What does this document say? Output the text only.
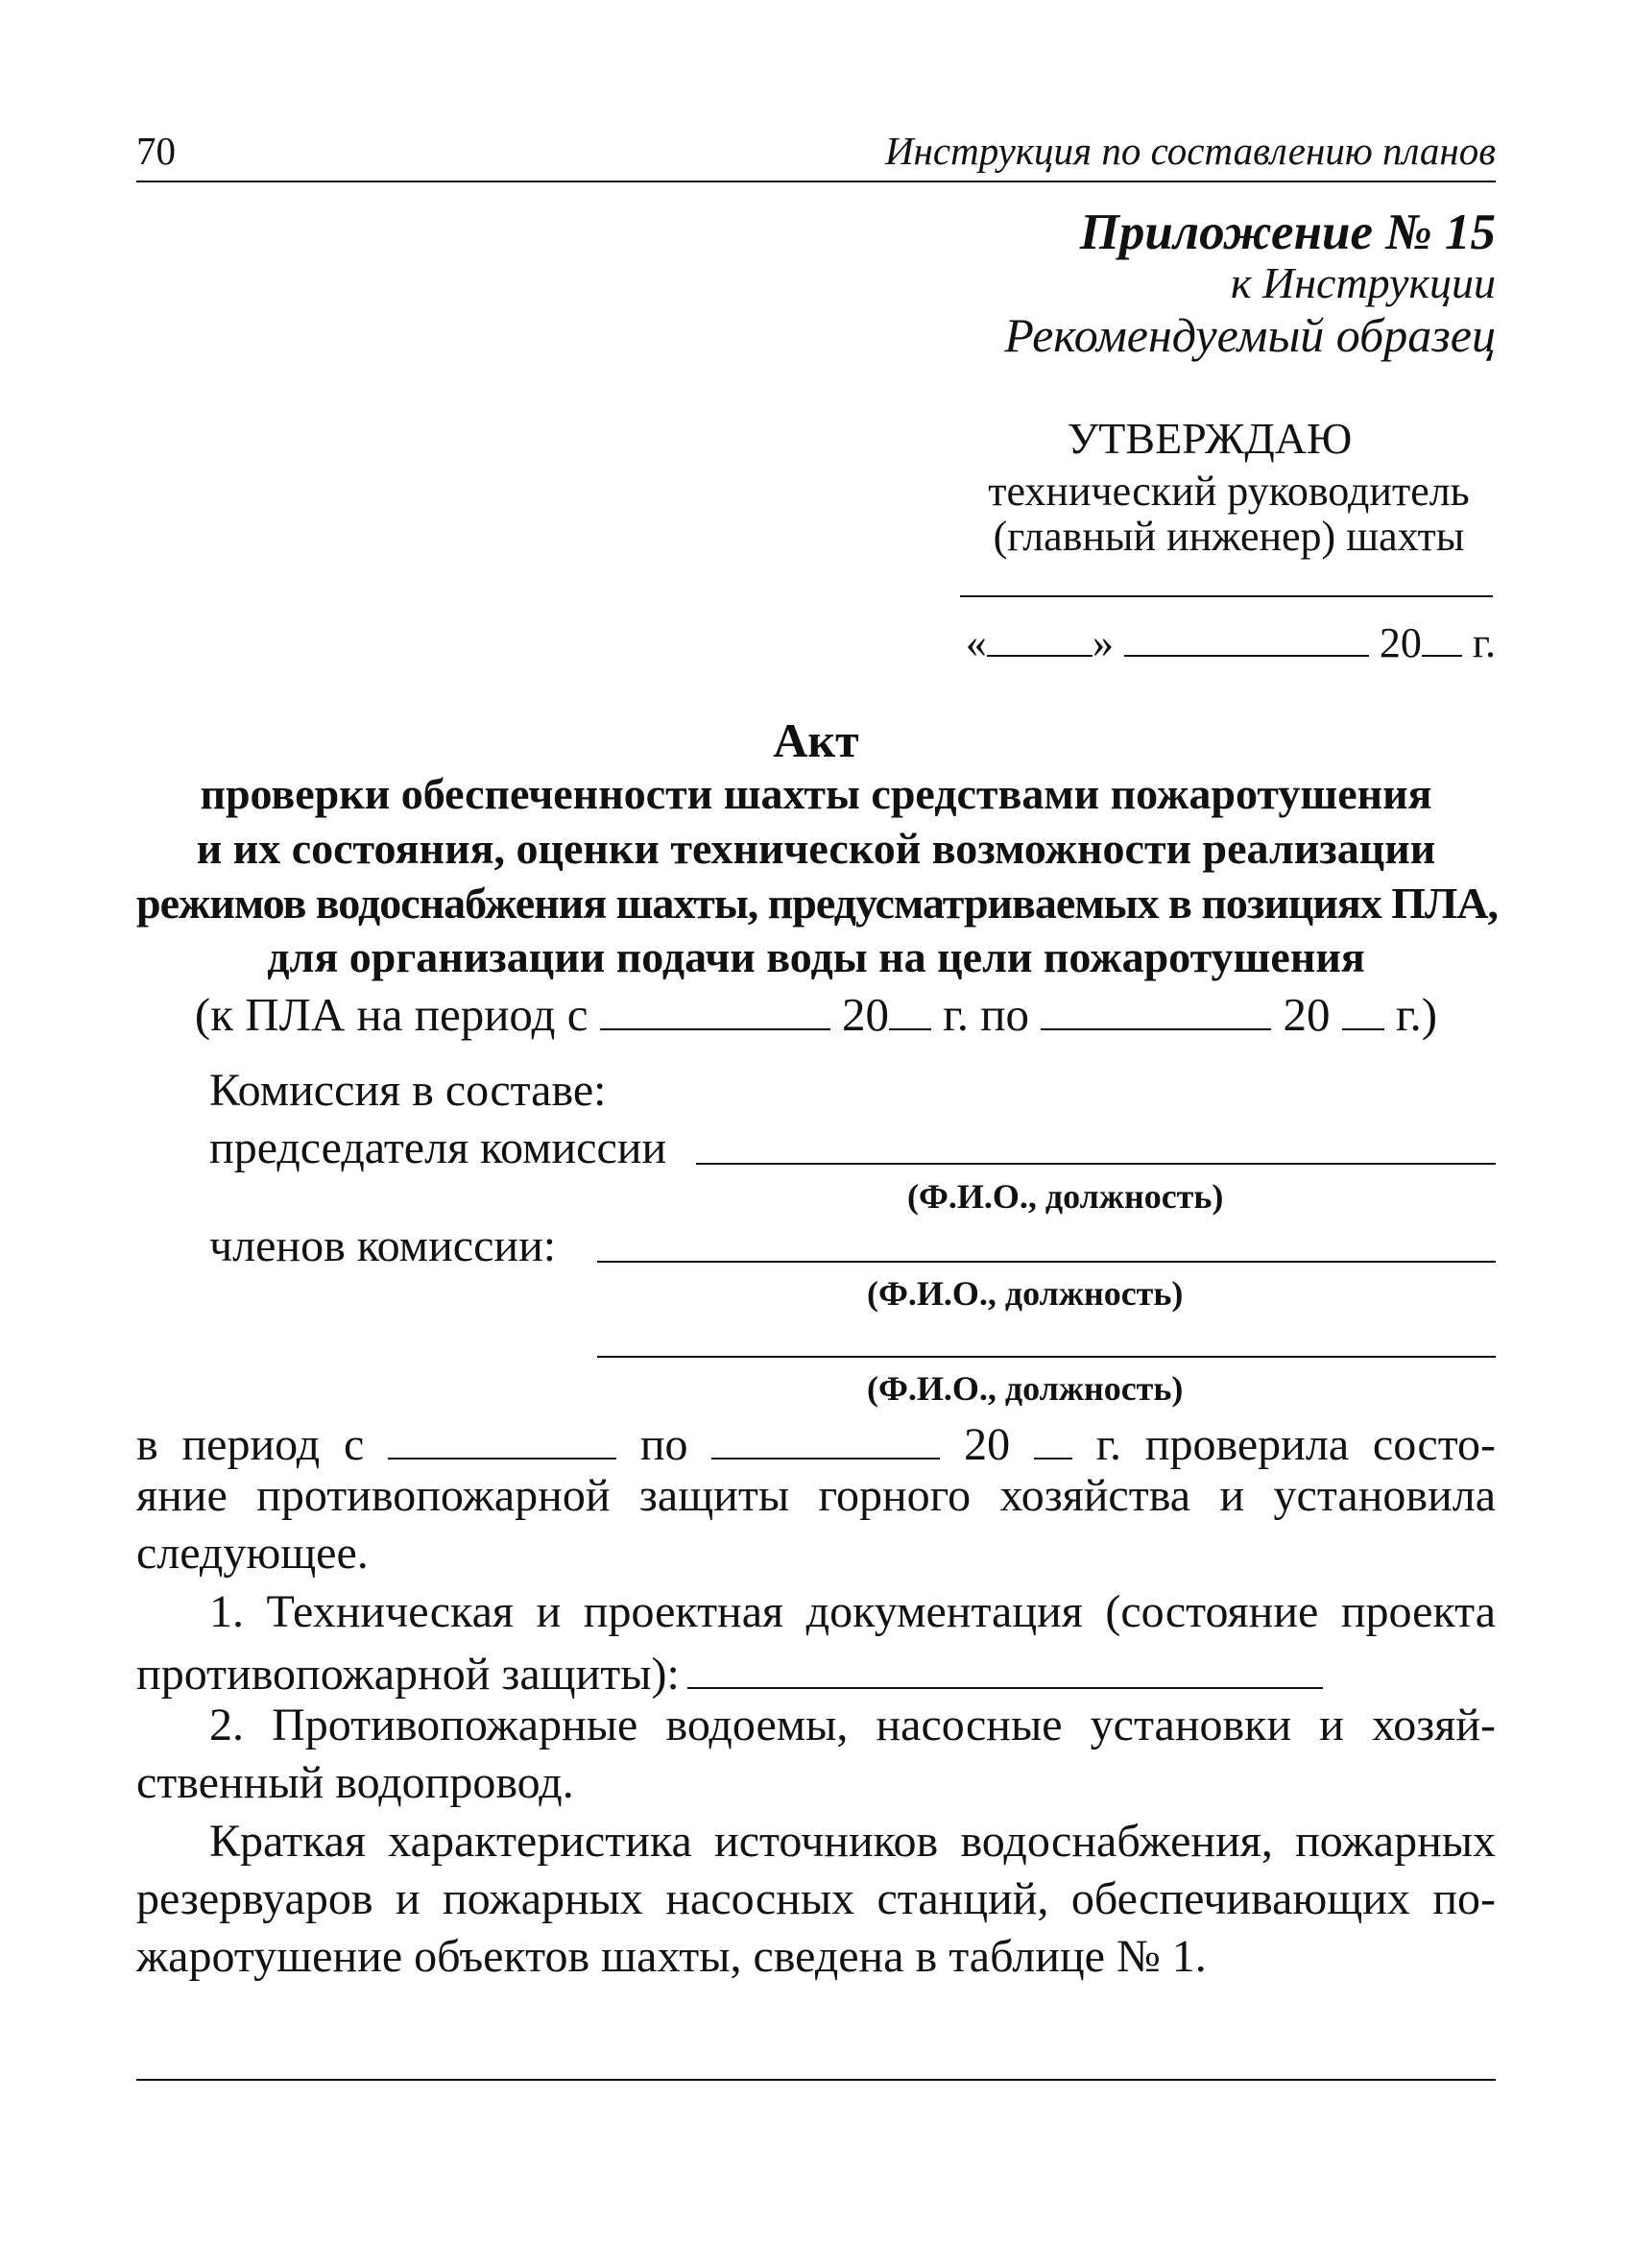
70	Инструкция по составлению планов
Приложение № 15
к Инструкции
Рекомендуемый образец
УТВЕРЖДАЮ
технический руководитель
(главный инженер) шахты
«	»	20 г.
Акт
проверки обеспеченности шахты средствами пожаротушения
и их состояния, оценки технической возможности реализации
режимов водоснабжения шахты, предусматриваемых в позициях ПЛА,
для организации подачи воды на цели пожаротушения
(к ПЛА на период с	20 г. по	20 г.)
Комиссия в составе:
председателя комиссии
(Ф.И.О., должность)
членов комиссии:
(Ф.И.О., должность)
(Ф.И.О., должность)
в период с	по	20 г. проверила состо-
яние противопожарной защиты горного хозяйства и установила
следующее.
1. Техническая и проектная документация (состояние проекта
противопожарной защиты):
2. Противопожарные водоемы, насосные установки и хозяй-
ственный водопровод.
Краткая характеристика источников водоснабжения, пожарных
резервуаров и пожарных насосных станций, обеспечивающих по-
жаротушение объектов шахты, сведена в таблице № 1.
